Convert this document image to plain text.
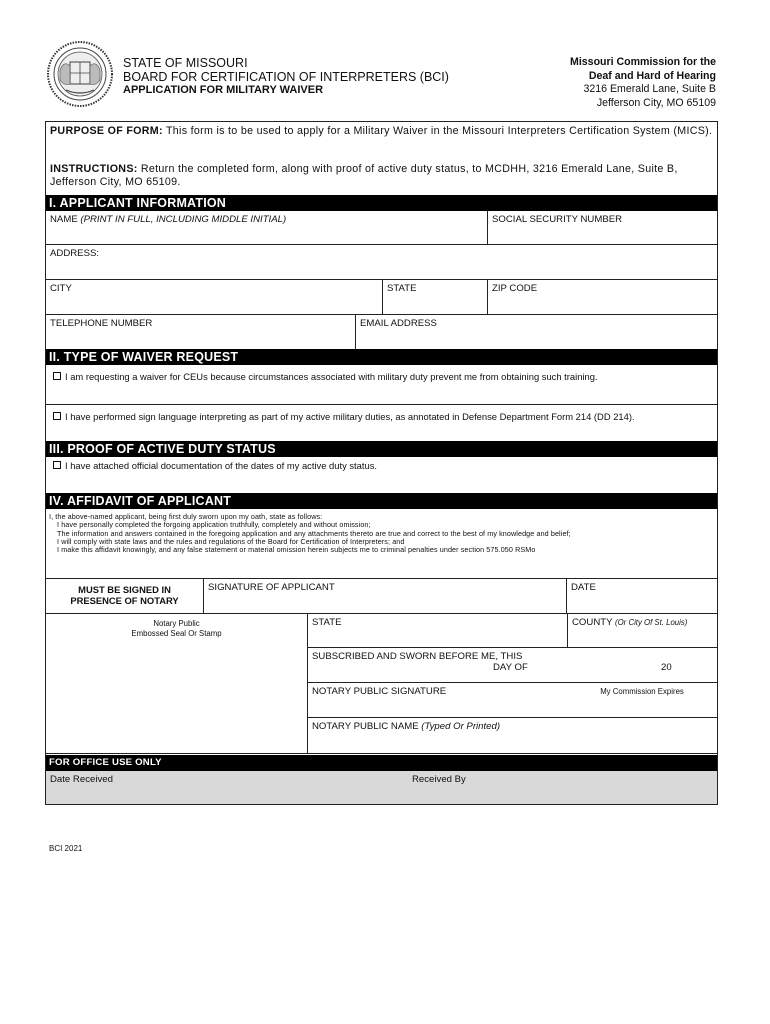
STATE OF MISSOURI
BOARD FOR CERTIFICATION OF INTERPRETERS (BCI)
APPLICATION FOR MILITARY WAIVER
Missouri Commission for the
Deaf and Hard of Hearing
3216 Emerald Lane, Suite B
Jefferson City, MO 65109
PURPOSE OF FORM: This form is to be used to apply for a Military Waiver in the Missouri Interpreters Certification System (MICS).
INSTRUCTIONS: Return the completed form, along with proof of active duty status, to MCDHH, 3216 Emerald Lane, Suite B, Jefferson City, MO 65109.
I. APPLICANT INFORMATION
NAME (PRINT IN FULL, INCLUDING MIDDLE INITIAL)	SOCIAL SECURITY NUMBER
ADDRESS:
CITY	STATE	ZIP CODE
TELEPHONE NUMBER	EMAIL ADDRESS
II. TYPE OF WAIVER REQUEST
I am requesting a waiver for CEUs because circumstances associated with military duty prevent me from obtaining such training.
I have performed sign language interpreting as part of my active military duties, as annotated in Defense Department Form 214 (DD 214).
III. PROOF OF ACTIVE DUTY STATUS
I have attached official documentation of the dates of my active duty status.
IV. AFFIDAVIT OF APPLICANT
I, the above-named applicant, being first duly sworn upon my oath, state as follows:
I have personally completed the forgoing application truthfully, completely and without omission;
The information and answers contained in the foregoing application and any attachments thereto are true and correct to the best of my knowledge and belief;
I will comply with state laws and the rules and regulations of the Board for Certification of Interpreters; and
I make this affidavit knowingly, and any false statement or material omission herein subjects me to criminal penalties under section 575.050 RSMo
MUST BE SIGNED IN
PRESENCE OF NOTARY
SIGNATURE OF APPLICANT	DATE
Notary Public
Embossed Seal Or Stamp
STATE	COUNTY (Or City Of St. Louis)
SUBSCRIBED AND SWORN BEFORE ME, THIS
DAY OF	20
NOTARY PUBLIC SIGNATURE	My Commission Expires
NOTARY PUBLIC NAME (Typed Or Printed)
FOR OFFICE USE ONLY
Date Received	Received By
BCI 2021
